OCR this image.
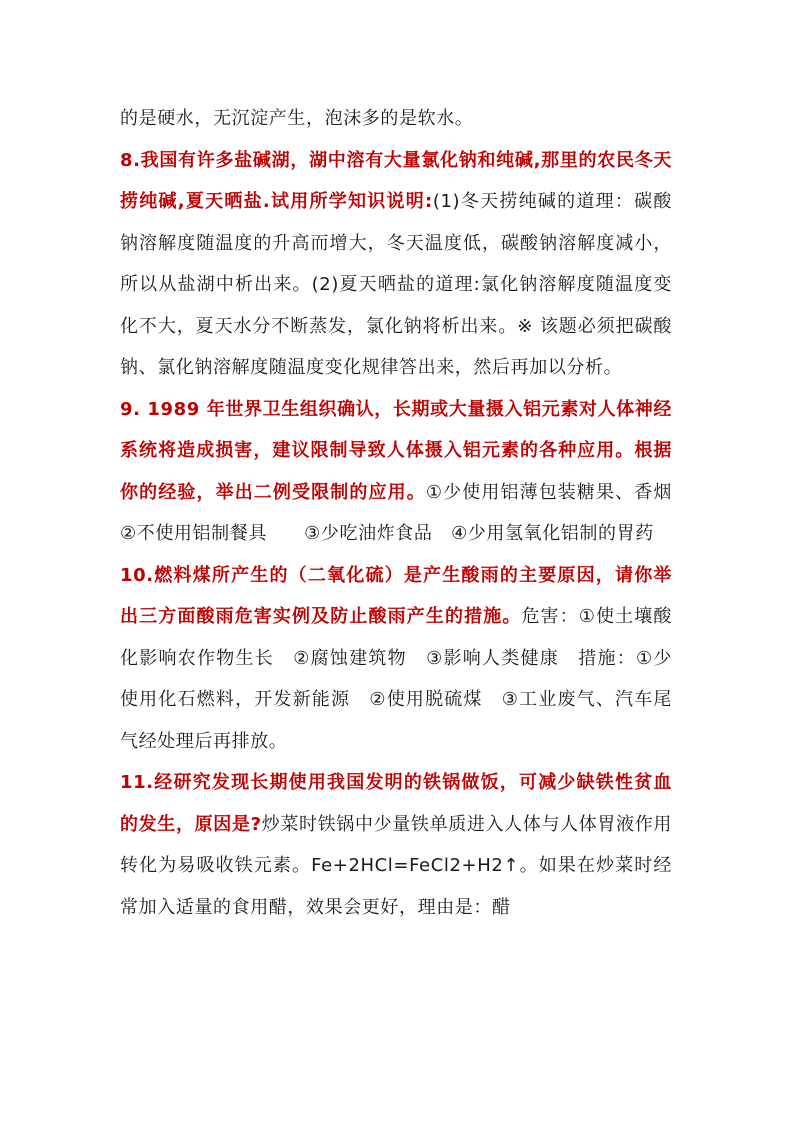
的是硬水，无沉淀产生，泡沫多的是软水。

8.我国有许多盐碱湖，湖中溶有大量氯化钠和纯碱,那里的农民冬天捞纯碱,夏天晒盐.试用所学知识说明:(1)冬天捞纯碱的道理：碳酸钠溶解度随温度的升高而增大，冬天温度低，碳酸钠溶解度减小，所以从盐湖中析出来。(2)夏天晒盐的道理:氯化钠溶解度随温度变化不大，夏天水分不断蒸发，氯化钠将析出来。※ 该题必须把碳酸钠、氯化钠溶解度随温度变化规律答出来，然后再加以分析。

9. 1989 年世界卫生组织确认，长期或大量摄入铝元素对人体神经系统将造成损害，建议限制导致人体摄入铝元素的各种应用。根据你的经验，举出二例受限制的应用。①少使用铝薄包装糖果、香烟　②不使用铝制餐具　　③少吃油炸食品　④少用氢氧化铝制的胃药

10.燃料煤所产生的（二氧化硫）是产生酸雨的主要原因，请你举出三方面酸雨危害实例及防止酸雨产生的措施。危害：①使土壤酸化影响农作物生长　②腐蚀建筑物　③影响人类健康　措施：①少使用化石燃料，开发新能源　②使用脱硫煤　③工业废气、汽车尾气经处理后再排放。

11.经研究发现长期使用我国发明的铁锅做饭，可减少缺铁性贫血的发生，原因是?炒菜时铁锅中少量铁单质进入人体与人体胃液作用转化为易吸收铁元素。Fe+2HCl=FeCl2+H2↑。如果在炒菜时经常加入适量的食用醋，效果会更好，理由是：醋
